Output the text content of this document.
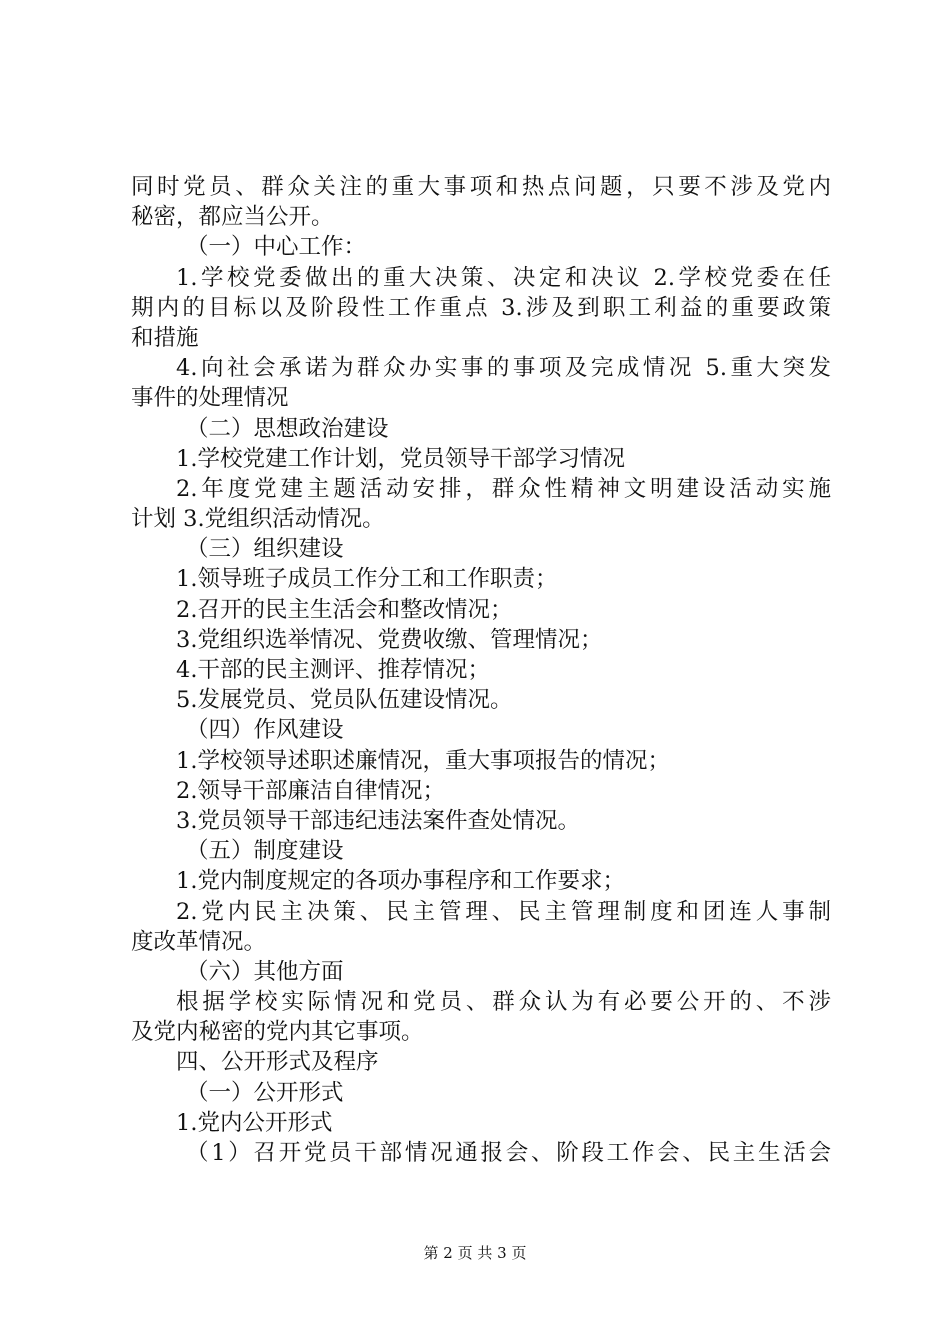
同时党员、群众关注的重大事项和热点问题，只要不涉及党内
秘密，都应当公开。
（一）中心工作：
1.学校党委做出的重大决策、决定和决议 2.学校党委在任
期内的目标以及阶段性工作重点 3.涉及到职工利益的重要政策
和措施
4.向社会承诺为群众办实事的事项及完成情况 5.重大突发
事件的处理情况
（二）思想政治建设
1.学校党建工作计划，党员领导干部学习情况
2.年度党建主题活动安排，群众性精神文明建设活动实施
计划 3.党组织活动情况。
（三）组织建设
1.领导班子成员工作分工和工作职责；
2.召开的民主生活会和整改情况；
3.党组织选举情况、党费收缴、管理情况；
4.干部的民主测评、推荐情况；
5.发展党员、党员队伍建设情况。
（四）作风建设
1.学校领导述职述廉情况，重大事项报告的情况；
2.领导干部廉洁自律情况；
3.党员领导干部违纪违法案件查处情况。
（五）制度建设
1.党内制度规定的各项办事程序和工作要求；
2.党内民主决策、民主管理、民主管理制度和团连人事制
度改革情况。
（六）其他方面
根据学校实际情况和党员、群众认为有必要公开的、不涉
及党内秘密的党内其它事项。
四、公开形式及程序
（一）公开形式
1.党内公开形式
（1）召开党员干部情况通报会、阶段工作会、民主生活会
第 2 页 共 3 页
